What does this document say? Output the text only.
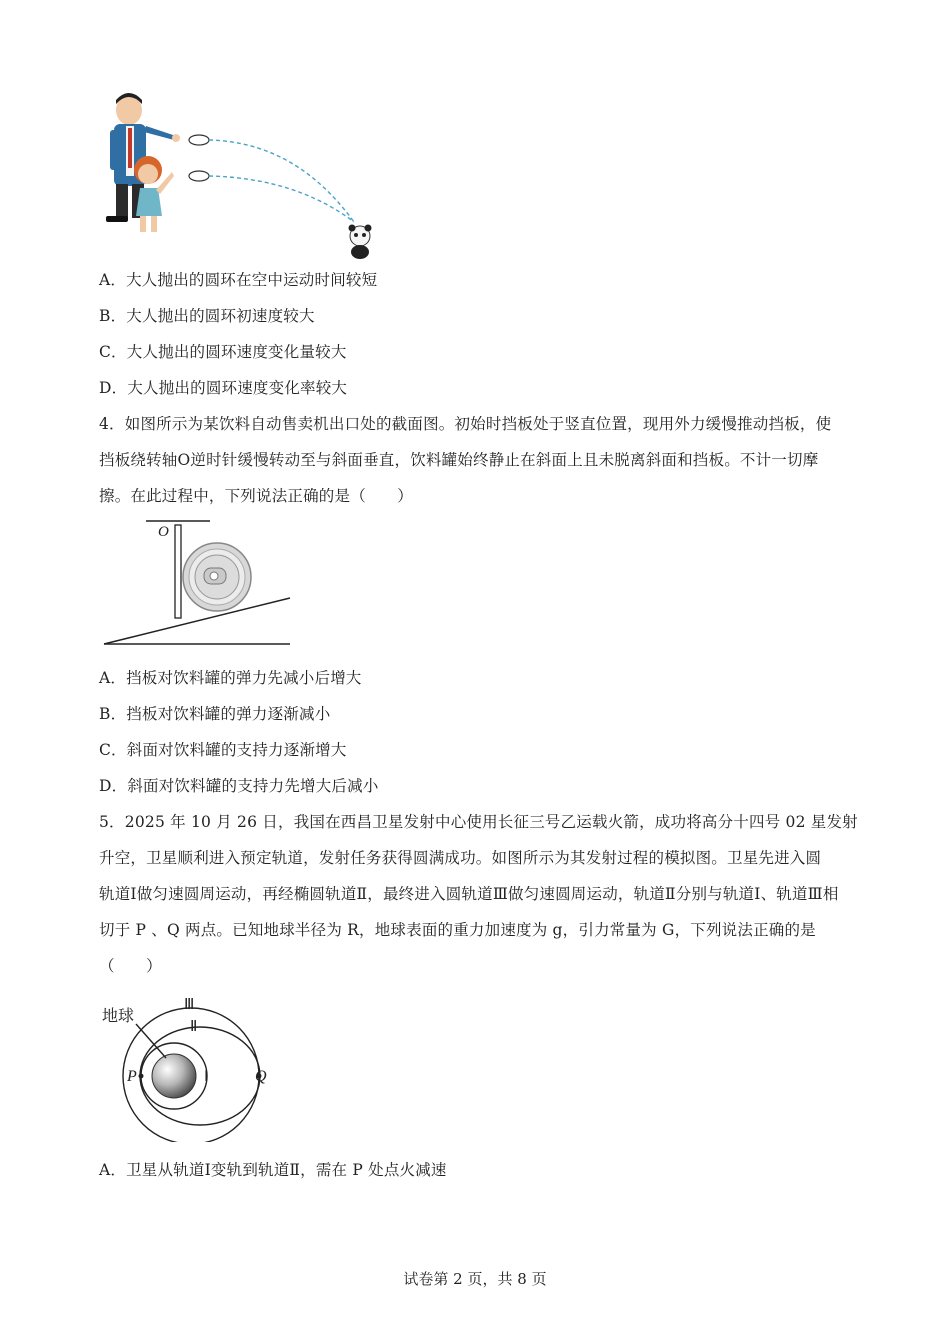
A．大人抛出的圆环在空中运动时间较短
B．大人抛出的圆环初速度较大
C．大人抛出的圆环速度变化量较大
D．大人抛出的圆环速度变化率较大
4．如图所示为某饮料自动售卖机出口处的截面图。初始时挡板处于竖直位置，现用外力缓慢推动挡板，使
挡板绕转轴O逆时针缓慢转动至与斜面垂直，饮料罐始终静止在斜面上且未脱离斜面和挡板。不计一切摩
擦。在此过程中，下列说法正确的是（　　）
O
A．挡板对饮料罐的弹力先减小后增大
B．挡板对饮料罐的弹力逐渐减小
C．斜面对饮料罐的支持力逐渐增大
D．斜面对饮料罐的支持力先增大后减小
5．2025 年 10 月 26 日，我国在西昌卫星发射中心使用长征三号乙运载火箭，成功将高分十四号 02 星发射
升空，卫星顺利进入预定轨道，发射任务获得圆满成功。如图所示为其发射过程的模拟图。卫星先进入圆
轨道Ⅰ做匀速圆周运动，再经椭圆轨道Ⅱ，最终进入圆轨道Ⅲ做匀速圆周运动，轨道Ⅱ分别与轨道Ⅰ、轨道Ⅲ相
切于 P 、Q 两点。已知地球半径为 R，地球表面的重力加速度为 g，引力常量为 G，下列说法正确的是
（　　）
地球
Ⅲ
Ⅱ
Ⅰ
P	Q
A．卫星从轨道Ⅰ变轨到轨道Ⅱ，需在 P 处点火减速
试卷第 2 页，共 8 页
